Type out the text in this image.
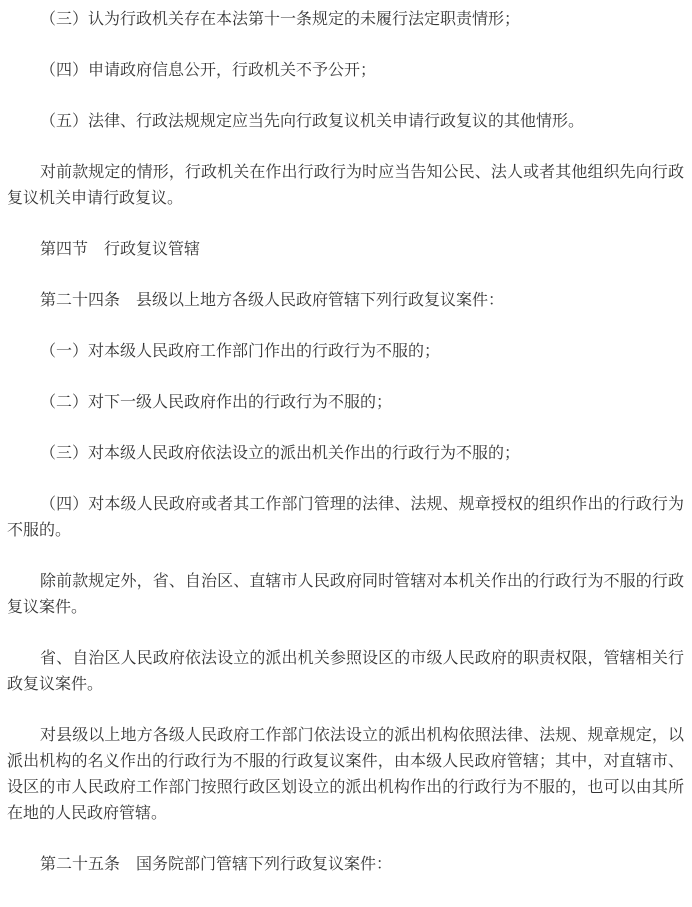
（三）认为行政机关存在本法第十一条规定的未履行法定职责情形；

（四）申请政府信息公开，行政机关不予公开；

（五）法律、行政法规规定应当先向行政复议机关申请行政复议的其他情形。

对前款规定的情形，行政机关在作出行政行为时应当告知公民、法人或者其他组织先向行政复议机关申请行政复议。

第四节　行政复议管辖

第二十四条　县级以上地方各级人民政府管辖下列行政复议案件：

（一）对本级人民政府工作部门作出的行政行为不服的；

（二）对下一级人民政府作出的行政行为不服的；

（三）对本级人民政府依法设立的派出机关作出的行政行为不服的；

（四）对本级人民政府或者其工作部门管理的法律、法规、规章授权的组织作出的行政行为不服的。

除前款规定外，省、自治区、直辖市人民政府同时管辖对本机关作出的行政行为不服的行政复议案件。

省、自治区人民政府依法设立的派出机关参照设区的市级人民政府的职责权限，管辖相关行政复议案件。

对县级以上地方各级人民政府工作部门依法设立的派出机构依照法律、法规、规章规定，以派出机构的名义作出的行政行为不服的行政复议案件，由本级人民政府管辖；其中，对直辖市、设区的市人民政府工作部门按照行政区划设立的派出机构作出的行政行为不服的，也可以由其所在地的人民政府管辖。

第二十五条　国务院部门管辖下列行政复议案件：
